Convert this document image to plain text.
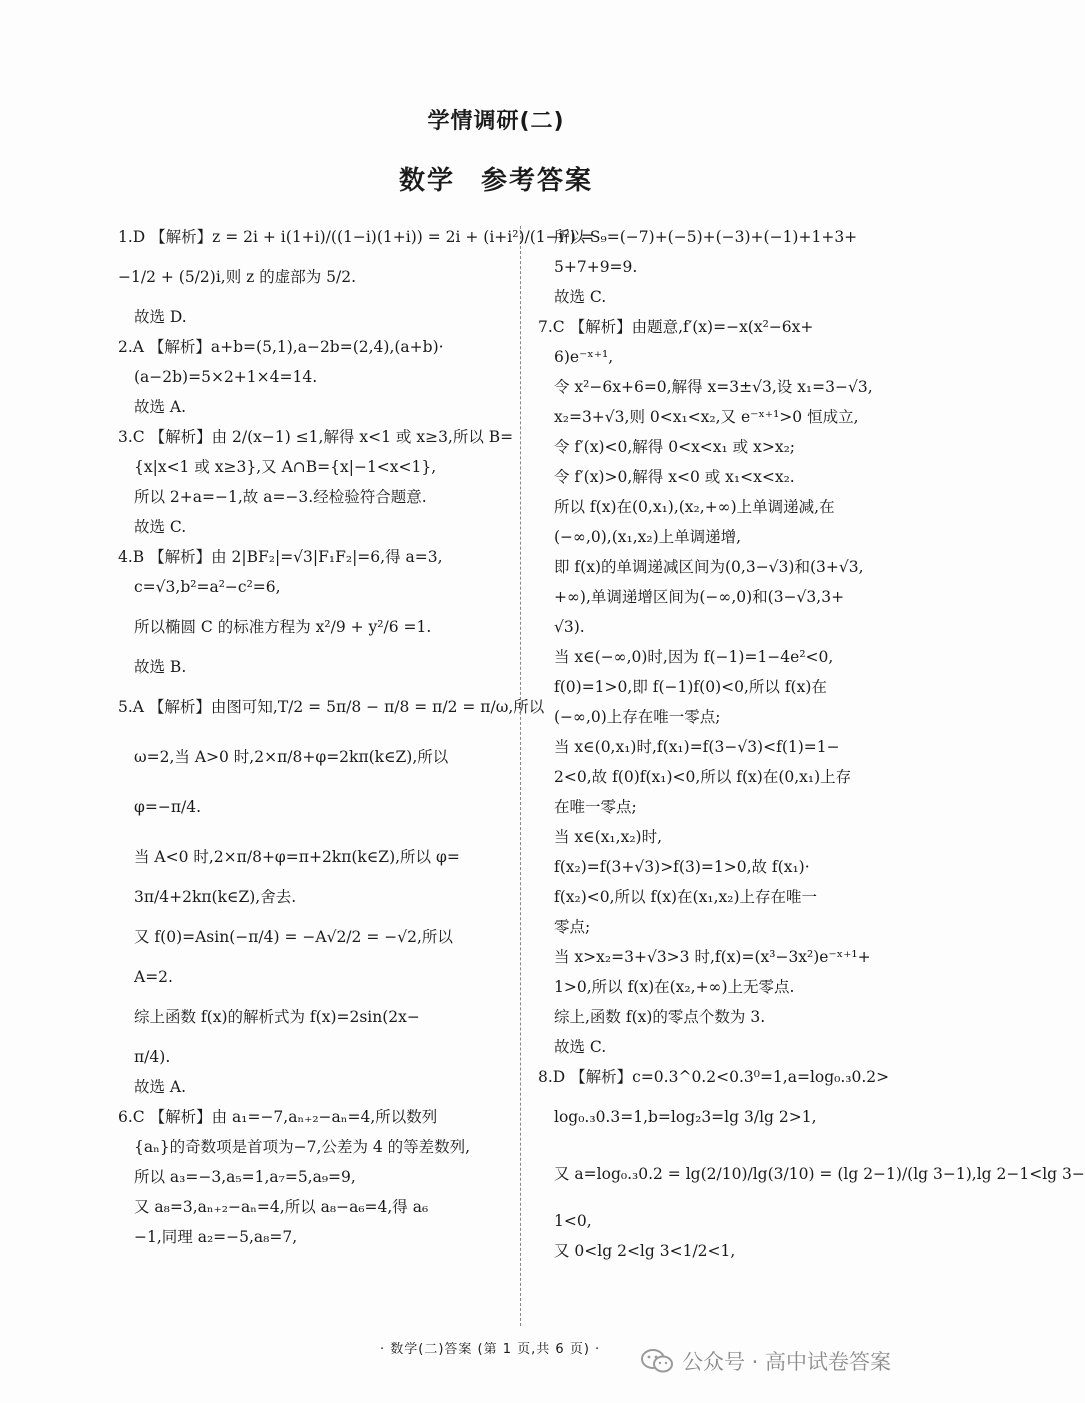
学情调研(二)
数学 参考答案
1.D 【解析】z = 2i + i(1+i)/((1−i)(1+i)) = 2i + (i+i²)/(1−i²) =
−1/2 + (5/2)i,则 z 的虚部为 5/2.
故选 D.
2.A 【解析】a+b=(5,1),a−2b=(2,4),(a+b)·
(a−2b)=5×2+1×4=14.
故选 A.
3.C 【解析】由 2/(x−1) ≤1,解得 x<1 或 x≥3,所以 B=
{x|x<1 或 x≥3},又 A∩B={x|−1<x<1},
所以 2+a=−1,故 a=−3.经检验符合题意.
故选 C.
4.B 【解析】由 2|BF₂|=√3|F₁F₂|=6,得 a=3,
c=√3,b²=a²−c²=6,
所以椭圆 C 的标准方程为 x²/9 + y²/6 =1.
故选 B.
5.A 【解析】由图可知,T/2 = 5π/8 − π/8 = π/2 = π/ω,所以
ω=2,当 A>0 时,2×π/8+φ=2kπ(k∈Z),所以
φ=−π/4.
当 A<0 时,2×π/8+φ=π+2kπ(k∈Z),所以 φ=
3π/4+2kπ(k∈Z),舍去.
又 f(0)=Asin(−π/4) = −A√2/2 = −√2,所以
A=2.
综上函数 f(x)的解析式为 f(x)=2sin(2x−
π/4).
故选 A.
6.C 【解析】由 a₁=−7,aₙ₊₂−aₙ=4,所以数列
{aₙ}的奇数项是首项为−7,公差为 4 的等差数列,
所以 a₃=−3,a₅=1,a₇=5,a₉=9,
又 a₈=3,aₙ₊₂−aₙ=4,所以 a₈−a₆=4,得 a₆
−1,同理 a₂=−5,a₈=7,
所以 S₉=(−7)+(−5)+(−3)+(−1)+1+3+
5+7+9=9.
故选 C.
7.C 【解析】由题意,f′(x)=−x(x²−6x+
6)e⁻ˣ⁺¹,
令 x²−6x+6=0,解得 x=3±√3,设 x₁=3−√3,
x₂=3+√3,则 0<x₁<x₂,又 e⁻ˣ⁺¹>0 恒成立,
令 f′(x)<0,解得 0<x<x₁ 或 x>x₂;
令 f′(x)>0,解得 x<0 或 x₁<x<x₂.
所以 f(x)在(0,x₁),(x₂,+∞)上单调递减,在
(−∞,0),(x₁,x₂)上单调递增,
即 f(x)的单调递减区间为(0,3−√3)和(3+√3,
+∞),单调递增区间为(−∞,0)和(3−√3,3+
√3).
当 x∈(−∞,0)时,因为 f(−1)=1−4e²<0,
f(0)=1>0,即 f(−1)f(0)<0,所以 f(x)在
(−∞,0)上存在唯一零点;
当 x∈(0,x₁)时,f(x₁)=f(3−√3)<f(1)=1−
2<0,故 f(0)f(x₁)<0,所以 f(x)在(0,x₁)上存
在唯一零点;
当 x∈(x₁,x₂)时,
f(x₂)=f(3+√3)>f(3)=1>0,故 f(x₁)·
f(x₂)<0,所以 f(x)在(x₁,x₂)上存在唯一
零点;
当 x>x₂=3+√3>3 时,f(x)=(x³−3x²)e⁻ˣ⁺¹+
1>0,所以 f(x)在(x₂,+∞)上无零点.
综上,函数 f(x)的零点个数为 3.
故选 C.
8.D 【解析】c=0.3^0.2<0.3⁰=1,a=log₀.₃0.2>
log₀.₃0.3=1,b=log₂3=lg 3/lg 2>1,
又 a=log₀.₃0.2 = lg(2/10)/lg(3/10) = (lg 2−1)/(lg 3−1),lg 2−1<lg 3−
1<0,
又 0<lg 2<lg 3<1/2<1,
· 数学(二)答案 (第 1 页,共 6 页) ·
公众号 · 高中试卷答案
